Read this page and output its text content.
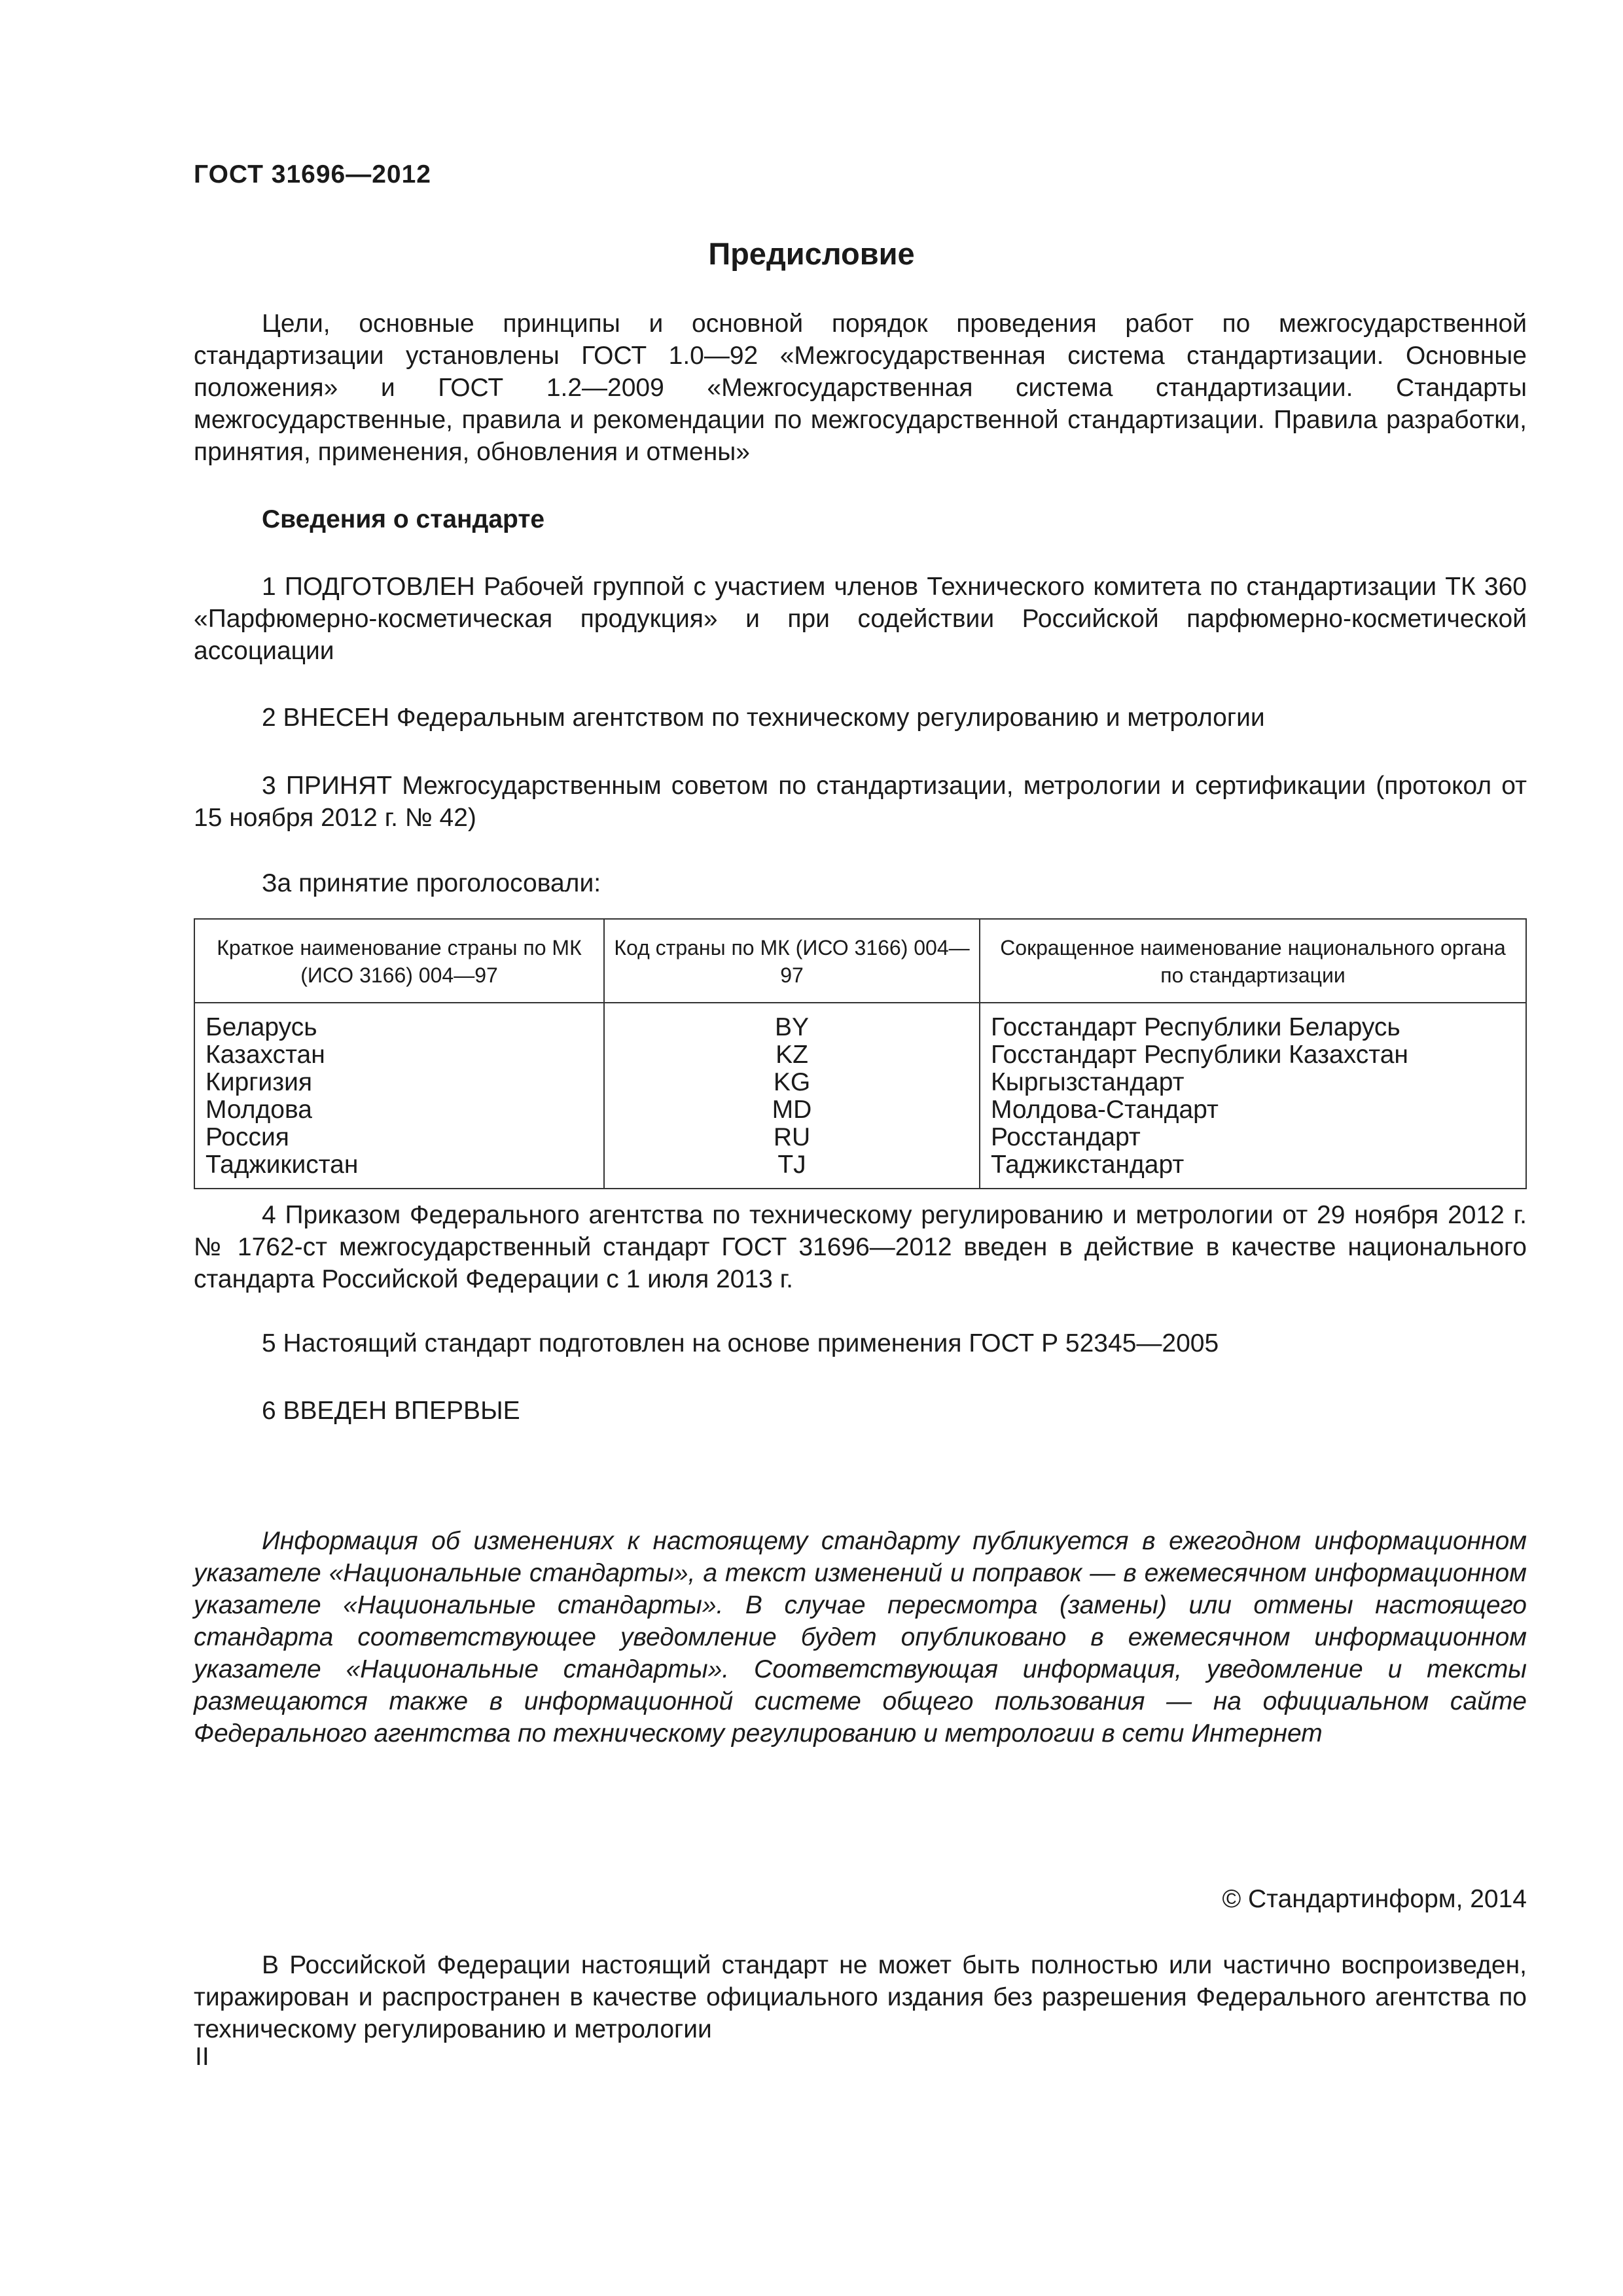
ГОСТ 31696—2012
Предисловие

Цели, основные принципы и основной порядок проведения работ по межгосударственной стандартизации установлены ГОСТ 1.0—92 «Межгосударственная система стандартизации. Основные положения» и ГОСТ 1.2—2009 «Межгосударственная система стандартизации. Стандарты межгосударственные, правила и рекомендации по межгосударственной стандартизации. Правила разработки, принятия, применения, обновления и отмены»

Сведения о стандарте

1 ПОДГОТОВЛЕН Рабочей группой с участием членов Технического комитета по стандартизации ТК 360 «Парфюмерно-косметическая продукция» и при содействии Российской парфюмерно-косметической ассоциации

2 ВНЕСЕН Федеральным агентством по техническому регулированию и метрологии

3 ПРИНЯТ Межгосударственным советом по стандартизации, метрологии и сертификации (протокол от 15 ноября 2012 г. № 42)

За принятие проголосовали:
Краткое наименование страны по МК (ИСО 3166) 004—97	Код страны по МК (ИСО 3166) 004—97	Сокращенное наименование национального органа по стандартизации
Беларусь	BY	Госстандарт Республики Беларусь
Казахстан	KZ	Госстандарт Республики Казахстан
Киргизия	KG	Кыргызстандарт
Молдова	MD	Молдова-Стандарт
Россия	RU	Росстандарт
Таджикистан	TJ	Таджикстандарт

4 Приказом Федерального агентства по техническому регулированию и метрологии от 29 ноября 2012 г. № 1762-ст межгосударственный стандарт ГОСТ 31696—2012 введен в действие в качестве национального стандарта Российской Федерации с 1 июля 2013 г.

5 Настоящий стандарт подготовлен на основе применения ГОСТ Р 52345—2005

6 ВВЕДЕН ВПЕРВЫЕ

Информация об изменениях к настоящему стандарту публикуется в ежегодном информационном указателе «Национальные стандарты», а текст изменений и поправок — в ежемесячном информационном указателе «Национальные стандарты». В случае пересмотра (замены) или отмены настоящего стандарта соответствующее уведомление будет опубликовано в ежемесячном информационном указателе «Национальные стандарты». Соответствующая информация, уведомление и тексты размещаются также в информационной системе общего пользования — на официальном сайте Федерального агентства по техническому регулированию и метрологии в сети Интернет

© Стандартинформ, 2014

В Российской Федерации настоящий стандарт не может быть полностью или частично воспроизведен, тиражирован и распространен в качестве официального издания без разрешения Федерального агентства по техническому регулированию и метрологии

II
